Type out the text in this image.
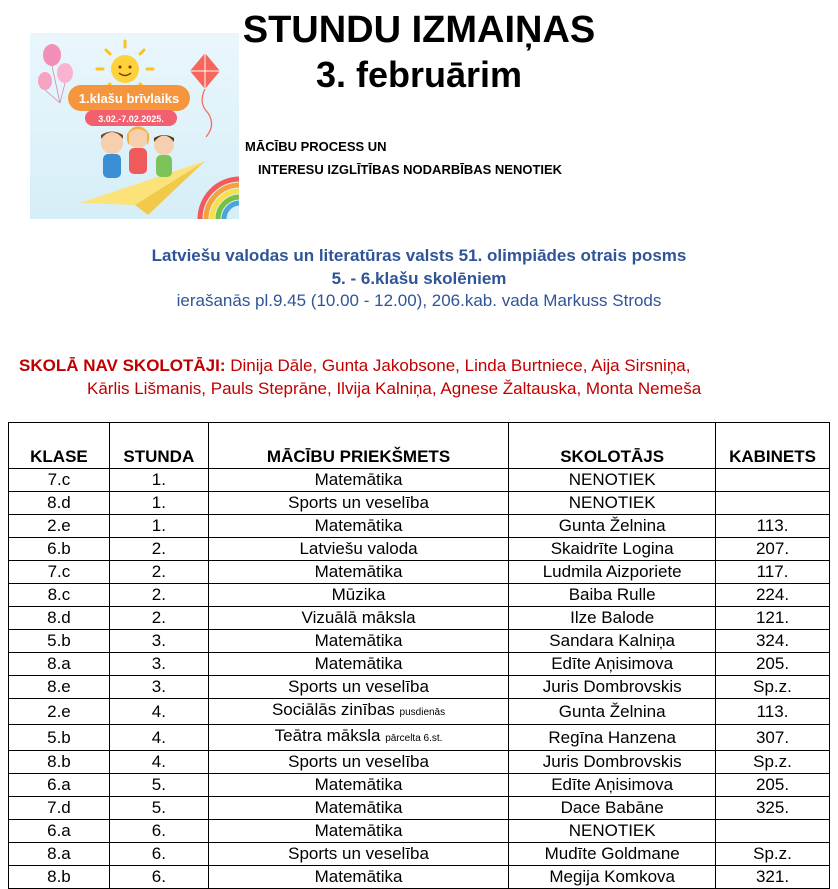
STUNDU IZMAIŅAS
3. februārim
1.klašu brīvlaiks
3.02.-7.02.2025.
MĀCĪBU PROCESS UN
INTERESU IZGLĪTĪBAS NODARBĪBAS NENOTIEK
Latviešu valodas un literatūras valsts 51. olimpiādes otrais posms
5. - 6.klašu skolēniem
ierašanās pl.9.45 (10.00 - 12.00), 206.kab. vada Markuss Strods
SKOLĀ NAV SKOLOTĀJI: Dinija Dāle, Gunta Jakobsone, Linda Burtniece, Aija Sirsniņa,
Kārlis Lišmanis, Pauls Steprāne, Ilvija Kalniņa, Agnese Žaltauska, Monta Nemeša
KLASE	STUNDA	MĀCĪBU PRIEKŠMETS	SKOLOTĀJS	KABINETS
7.c	1.	Matemātika	NENOTIEK	
8.d	1.	Sports un veselība	NENOTIEK	
2.e	1.	Matemātika	Gunta Želnina	113.
6.b	2.	Latviešu valoda	Skaidrīte Logina	207.
7.c	2.	Matemātika	Ludmila Aizporiete	117.
8.c	2.	Mūzika	Baiba Rulle	224.
8.d	2.	Vizuālā māksla	Ilze Balode	121.
5.b	3.	Matemātika	Sandara Kalniņa	324.
8.a	3.	Matemātika	Edīte Aņisimova	205.
8.e	3.	Sports un veselība	Juris Dombrovskis	Sp.z.
2.e	4.	Sociālās zinības pusdienās	Gunta Želnina	113.
5.b	4.	Teātra māksla pārcelta 6.st.	Regīna Hanzena	307.
8.b	4.	Sports un veselība	Juris Dombrovskis	Sp.z.
6.a	5.	Matemātika	Edīte Aņisimova	205.
7.d	5.	Matemātika	Dace Babāne	325.
6.a	6.	Matemātika	NENOTIEK	
8.a	6.	Sports un veselība	Mudīte Goldmane	Sp.z.
8.b	6.	Matemātika	Megija Komkova	321.
